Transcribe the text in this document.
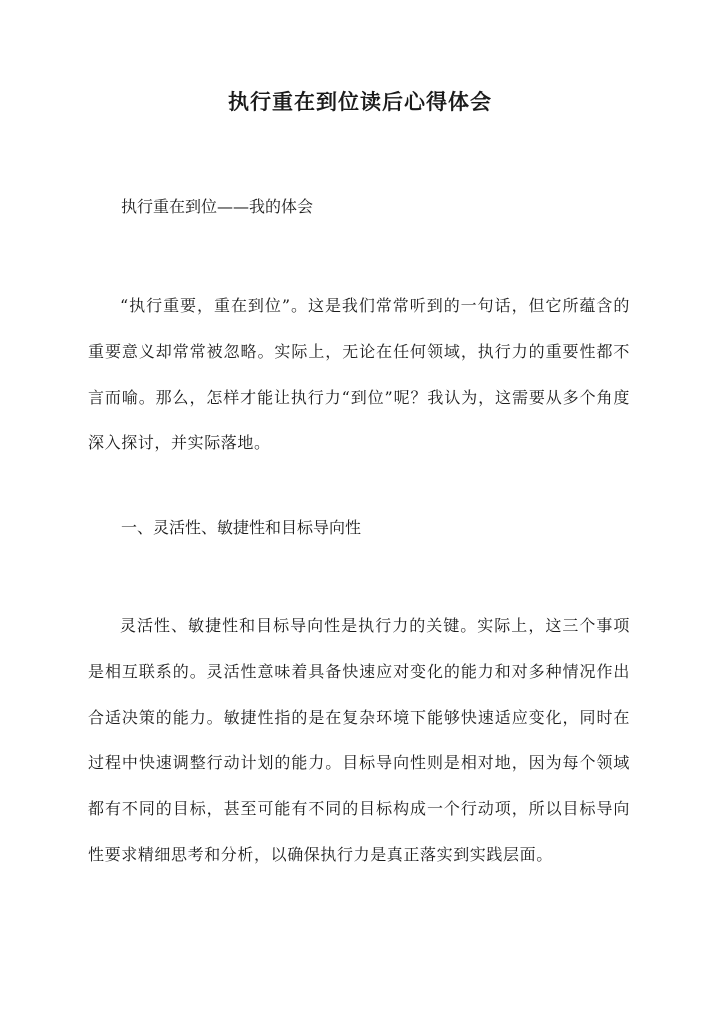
执行重在到位读后心得体会

执行重在到位——我的体会

“执行重要，重在到位”。这是我们常常听到的一句话，但它所蕴含的重要意义却常常被忽略。实际上，无论在任何领域，执行力的重要性都不言而喻。那么，怎样才能让执行力“到位”呢？我认为，这需要从多个角度深入探讨，并实际落地。

一、灵活性、敏捷性和目标导向性

灵活性、敏捷性和目标导向性是执行力的关键。实际上，这三个事项是相互联系的。灵活性意味着具备快速应对变化的能力和对多种情况作出合适决策的能力。敏捷性指的是在复杂环境下能够快速适应变化，同时在过程中快速调整行动计划的能力。目标导向性则是相对地，因为每个领域都有不同的目标，甚至可能有不同的目标构成一个行动项，所以目标导向性要求精细思考和分析，以确保执行力是真正落实到实践层面。
